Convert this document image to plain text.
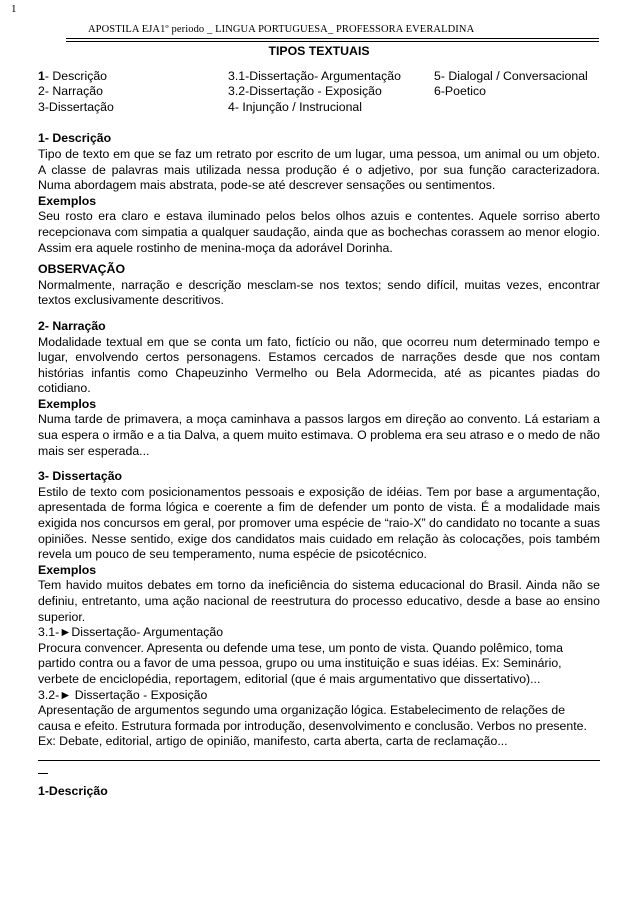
1
APOSTILA EJA1º periodo _ LINGUA PORTUGUESA_ PROFESSORA EVERALDINA
TIPOS TEXTUAIS
1- Descrição	3.1-Dissertação- Argumentação	5- Dialogal / Conversacional
2- Narração	3.2-Dissertação - Exposição	6-Poetico
3-Dissertação	4- Injunção / Instrucional

1- Descrição

Tipo de texto em que se faz um retrato por escrito de um lugar, uma pessoa, um animal ou um objeto. A classe de palavras mais utilizada nessa produção é o adjetivo, por sua função caracterizadora. Numa abordagem mais abstrata, pode-se até descrever sensações ou sentimentos.

Exemplos

Seu rosto era claro e estava iluminado pelos belos olhos azuis e contentes. Aquele sorriso aberto recepcionava com simpatia a qualquer saudação, ainda que as bochechas corassem ao menor elogio. Assim era aquele rostinho de menina-moça da adorável Dorinha.

OBSERVAÇÃO

Normalmente, narração e descrição mesclam-se nos textos; sendo difícil, muitas vezes, encontrar textos exclusivamente descritivos.

2- Narração

Modalidade textual em que se conta um fato, fictício ou não, que ocorreu num determinado tempo e lugar, envolvendo certos personagens. Estamos cercados de narrações desde que nos contam histórias infantis como Chapeuzinho Vermelho ou Bela Adormecida, até as picantes piadas do cotidiano.

Exemplos

Numa tarde de primavera, a moça caminhava a passos largos em direção ao convento. Lá estariam a sua espera o irmão e a tia Dalva, a quem muito estimava. O problema era seu atraso e o medo de não mais ser esperada...

3- Dissertação

Estilo de texto com posicionamentos pessoais e exposição de idéias. Tem por base a argumentação, apresentada de forma lógica e coerente a fim de defender um ponto de vista. É a modalidade mais exigida nos concursos em geral, por promover uma espécie de “raio-X” do candidato no tocante a suas opiniões. Nesse sentido, exige dos candidatos mais cuidado em relação às colocações, pois também revela um pouco de seu temperamento, numa espécie de psicotécnico.

Exemplos

Tem havido muitos debates em torno da ineficiência do sistema educacional do Brasil. Ainda não se definiu, entretanto, uma ação nacional de reestrutura do processo educativo, desde a base ao ensino superior.

3.1-►Dissertação- Argumentação

Procura convencer. Apresenta ou defende uma tese, um ponto de vista. Quando polêmico, toma partido contra ou a favor de uma pessoa, grupo ou uma instituição e suas idéias. Ex: Seminário, verbete de enciclopédia, reportagem, editorial (que é mais argumentativo que dissertativo)...

3.2-► Dissertação - Exposição

Apresentação de argumentos segundo uma organização lógica. Estabelecimento de relações de causa e efeito. Estrutura formada por introdução, desenvolvimento e conclusão. Verbos no presente. Ex: Debate, editorial, artigo de opinião, manifesto, carta aberta, carta de reclamação...

1-Descrição
